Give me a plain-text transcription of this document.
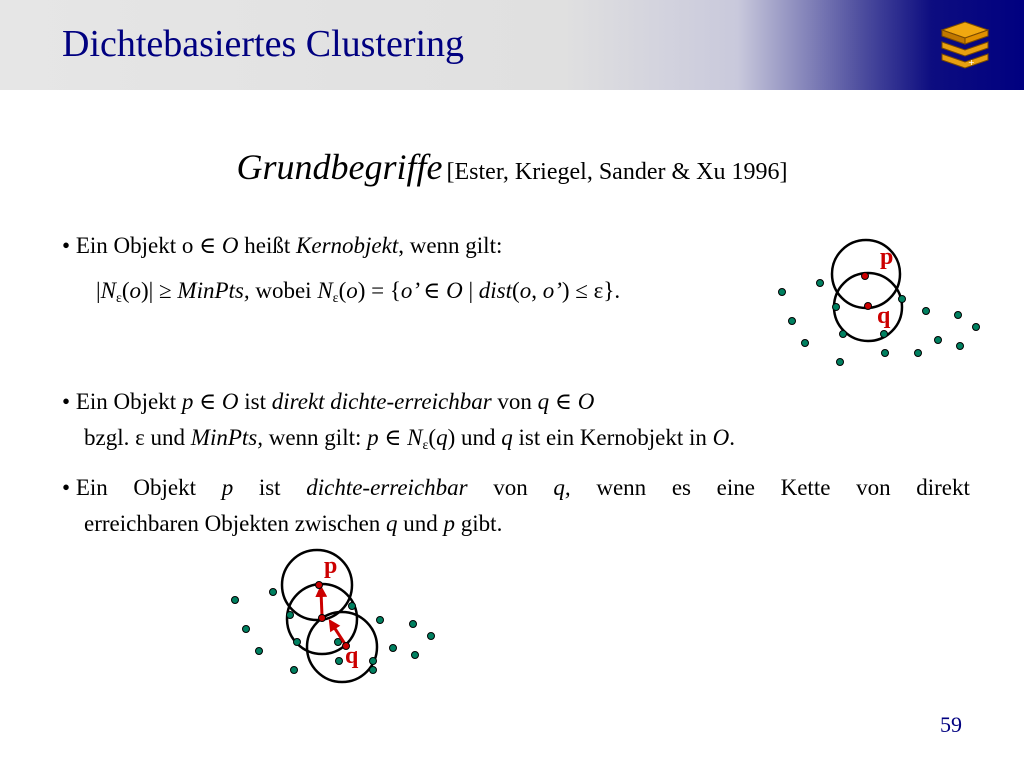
Dichtebasiertes Clustering	+
Grundbegriffe [Ester, Kriegel, Sander & Xu 1996]
• Ein Objekt o ∈ O heißt Kernobjekt, wenn gilt:
$|N_\varepsilon(o)|$ ≥ MinPts, wobei $N_\varepsilon(o) = \{o$’ ∈ O | dist(o, o’) ≤ ε}.
p
q
• Ein Objekt p ∈ O ist direkt dichte-erreichbar von q ∈ O
bzgl. ε und MinPts, wenn gilt: p ∈ $N_\varepsilon(q)$ und q ist ein Kernobjekt in O.
• Ein Objekt p ist dichte-erreichbar von q, wenn es eine Kette von direkt
erreichbaren Objekten zwischen q und p gibt.
p
q
59
